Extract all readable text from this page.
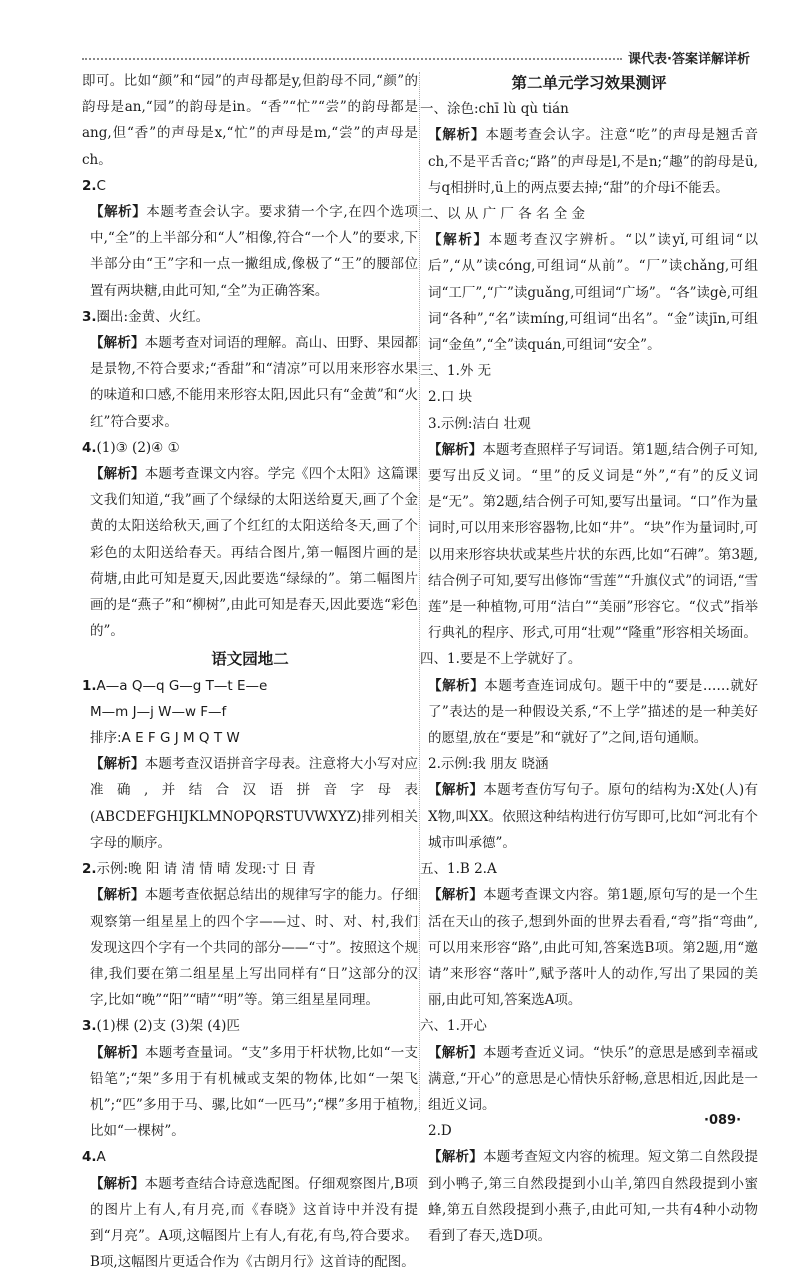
课代表·答案详解详析

即可。比如“颜”和“园”的声母都是y,但韵母不同,“颜”的韵母是an,“园”的韵母是in。“香”“忙”“尝”的韵母都是ang,但“香”的声母是x,“忙”的声母是m,“尝”的声母是ch。

2.C

【解析】本题考查会认字。要求猜一个字,在四个选项中,“全”的上半部分和“人”相像,符合“一个人”的要求,下半部分由“王”字和一点一撇组成,像极了“王”的腰部位置有两块糖,由此可知,“全”为正确答案。

3.圈出:金黄、火红。

【解析】本题考查对词语的理解。高山、田野、果园都是景物,不符合要求;“香甜”和“清凉”可以用来形容水果的味道和口感,不能用来形容太阳,因此只有“金黄”和“火红”符合要求。

4.(1)③ (2)④ ①

【解析】本题考查课文内容。学完《四个太阳》这篇课文我们知道,“我”画了个绿绿的太阳送给夏天,画了个金黄的太阳送给秋天,画了个红红的太阳送给冬天,画了个彩色的太阳送给春天。再结合图片,第一幅图片画的是荷塘,由此可知是夏天,因此要选“绿绿的”。第二幅图片画的是“燕子”和“柳树”,由此可知是春天,因此要选“彩色的”。

语文园地二

1.A—a Q—q G—g T—t E—e

M—m J—j W—w F—f

排序:A E F G J M Q T W

【解析】本题考查汉语拼音字母表。注意将大小写对应准确,并结合汉语拼音字母表(ABCDEFGHIJKLMNOPQRSTUVWXYZ)排列相关字母的顺序。

2.示例:晚 阳 请 清 情 晴 发现:寸 日 青

【解析】本题考查依据总结出的规律写字的能力。仔细观察第一组星星上的四个字——过、时、对、村,我们发现这四个字有一个共同的部分——“寸”。按照这个规律,我们要在第二组星星上写出同样有“日”这部分的汉字,比如“晚”“阳”“晴”“明”等。第三组星星同理。

3.(1)棵 (2)支 (3)架 (4)匹

【解析】本题考查量词。“支”多用于杆状物,比如“一支铅笔”;“架”多用于有机械或支架的物体,比如“一架飞机”;“匹”多用于马、骡,比如“一匹马”;“棵”多用于植物,比如“一棵树”。

4.A

【解析】本题考查结合诗意选配图。仔细观察图片,B项的图片上有人,有月亮,而《春晓》这首诗中并没有提到“月亮”。A项,这幅图片上有人,有花,有鸟,符合要求。B项,这幅图片更适合作为《古朗月行》这首诗的配图。

第二单元学习效果测评

一、涂色:chī lù qù tián

【解析】本题考查会认字。注意“吃”的声母是翘舌音ch,不是平舌音c;“路”的声母是l,不是n;“趣”的韵母是ü,与q相拼时,ü上的两点要去掉;“甜”的介母i不能丢。

二、以 从 广 厂 各 名 全 金

【解析】本题考查汉字辨析。“以”读yǐ,可组词“以后”,“从”读cóng,可组词“从前”。“厂”读chǎng,可组词“工厂”,“广”读guǎng,可组词“广场”。“各”读gè,可组词“各种”,“名”读míng,可组词“出名”。“金”读jīn,可组词“金鱼”,“全”读quán,可组词“安全”。

三、1.外 无

2.口 块

3.示例:洁白 壮观

【解析】本题考查照样子写词语。第1题,结合例子可知,要写出反义词。“里”的反义词是“外”,“有”的反义词是“无”。第2题,结合例子可知,要写出量词。“口”作为量词时,可以用来形容器物,比如“井”。“块”作为量词时,可以用来形容块状或某些片状的东西,比如“石碑”。第3题,结合例子可知,要写出修饰“雪莲”“升旗仪式”的词语,“雪莲”是一种植物,可用“洁白”“美丽”形容它。“仪式”指举行典礼的程序、形式,可用“壮观”“隆重”形容相关场面。

四、1.要是不上学就好了。

【解析】本题考查连词成句。题干中的“要是……就好了”表达的是一种假设关系,“不上学”描述的是一种美好的愿望,放在“要是”和“就好了”之间,语句通顺。

2.示例:我 朋友 晓涵

【解析】本题考查仿写句子。原句的结构为:X处(人)有X物,叫XX。依照这种结构进行仿写即可,比如“河北有个城市叫承德”。

五、1.B 2.A

【解析】本题考查课文内容。第1题,原句写的是一个生活在天山的孩子,想到外面的世界去看看,“弯”指“弯曲”,可以用来形容“路”,由此可知,答案选B项。第2题,用“邀请”来形容“落叶”,赋予落叶人的动作,写出了果园的美丽,由此可知,答案选A项。

六、1.开心

【解析】本题考查近义词。“快乐”的意思是感到幸福或满意,“开心”的意思是心情快乐舒畅,意思相近,因此是一组近义词。

2.D

【解析】本题考查短文内容的梳理。短文第二自然段提到小鸭子,第三自然段提到小山羊,第四自然段提到小蜜蜂,第五自然段提到小燕子,由此可知,一共有4种小动物看到了春天,选D项。

·089·
